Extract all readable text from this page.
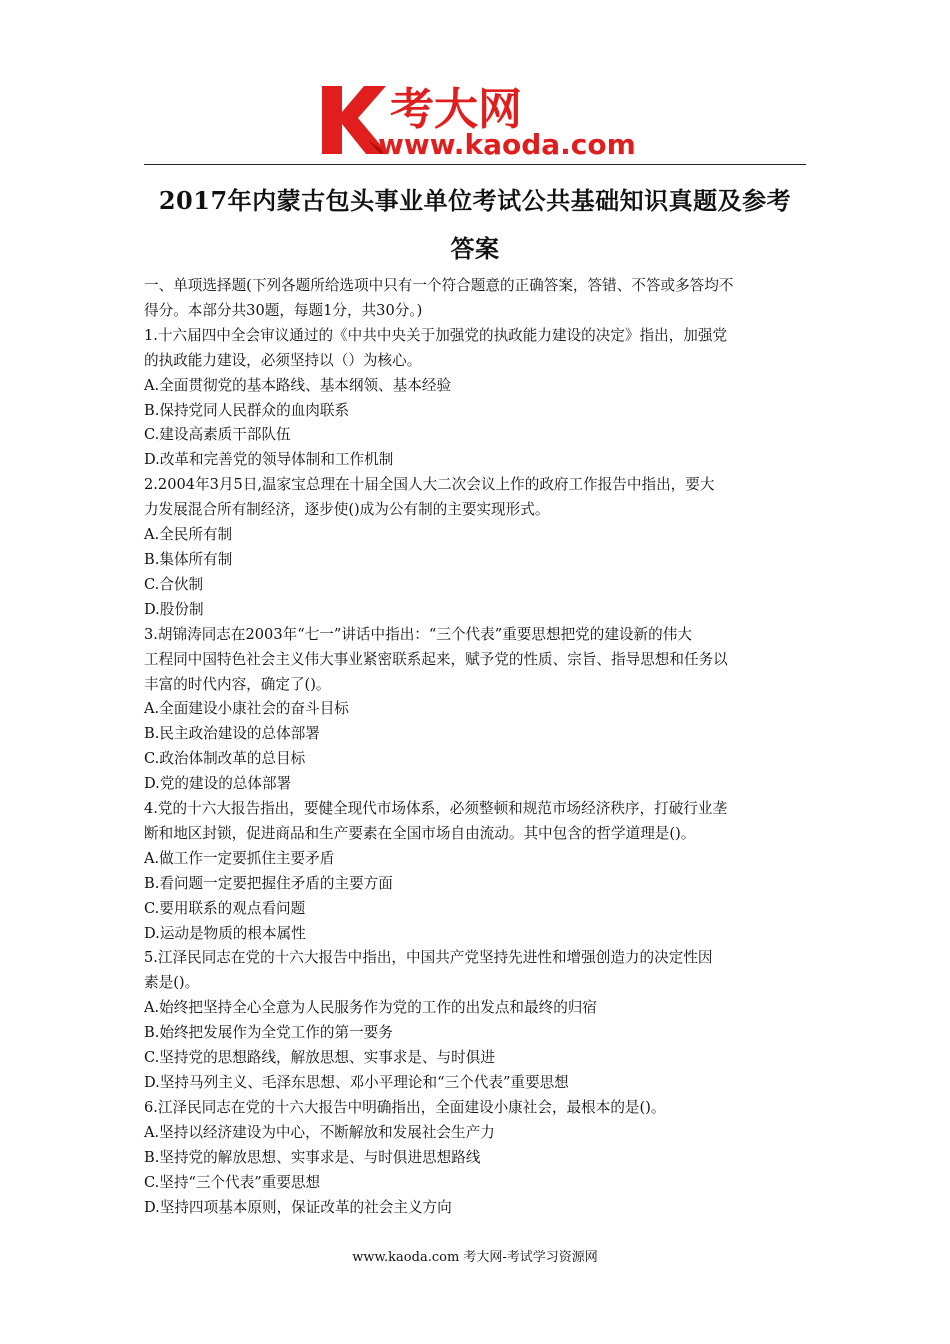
考大网
www.kaoda.com
2017年内蒙古包头事业单位考试公共基础知识真题及参考
答案

一、单项选择题(下列各题所给选项中只有一个符合题意的正确答案，答错、不答或多答均不

得分。本部分共30题，每题1分，共30分。)

1.十六届四中全会审议通过的《中共中央关于加强党的执政能力建设的决定》指出，加强党

的执政能力建设，必须坚持以（）为核心。

A.全面贯彻党的基本路线、基本纲领、基本经验

B.保持党同人民群众的血肉联系

C.建设高素质干部队伍

D.改革和完善党的领导体制和工作机制

2.2004年3月5日,温家宝总理在十届全国人大二次会议上作的政府工作报告中指出，要大

力发展混合所有制经济，逐步使()成为公有制的主要实现形式。

A.全民所有制

B.集体所有制

C.合伙制

D.股份制

3.胡锦涛同志在2003年“七一”讲话中指出：“三个代表”重要思想把党的建设新的伟大

工程同中国特色社会主义伟大事业紧密联系起来，赋予党的性质、宗旨、指导思想和任务以

丰富的时代内容，确定了()。

A.全面建设小康社会的奋斗目标

B.民主政治建设的总体部署

C.政治体制改革的总目标

D.党的建设的总体部署

4.党的十六大报告指出，要健全现代市场体系，必须整顿和规范市场经济秩序，打破行业垄

断和地区封锁，促进商品和生产要素在全国市场自由流动。其中包含的哲学道理是()。

A.做工作一定要抓住主要矛盾

B.看问题一定要把握住矛盾的主要方面

C.要用联系的观点看问题

D.运动是物质的根本属性

5.江泽民同志在党的十六大报告中指出，中国共产党坚持先进性和增强创造力的决定性因

素是()。

A.始终把坚持全心全意为人民服务作为党的工作的出发点和最终的归宿

B.始终把发展作为全党工作的第一要务

C.坚持党的思想路线，解放思想、实事求是、与时俱进

D.坚持马列主义、毛泽东思想、邓小平理论和“三个代表”重要思想

6.江泽民同志在党的十六大报告中明确指出，全面建设小康社会，最根本的是()。

A.坚持以经济建设为中心，不断解放和发展社会生产力

B.坚持党的解放思想、实事求是、与时俱进思想路线

C.坚持“三个代表”重要思想

D.坚持四项基本原则，保证改革的社会主义方向

www.kaoda.com 考大网-考试学习资源网
